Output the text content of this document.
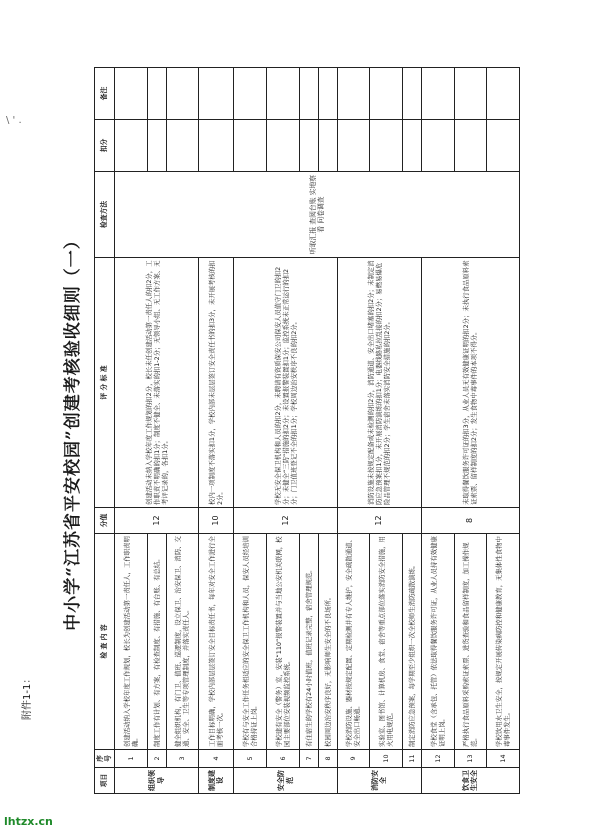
\ ' .
附件1-1：
项目	序号	检 查 内 容	分值	评 分 标 准	检查方法	扣分	备注
组织领导	1	创建活动纳入学校年度工作规划，校长为创建活动第一责任人，工作职责明确。	12	创建活动未纳入学校年度工作规划的扣2分，校长未任创建活动第一责任人的扣2分，工作职责不明确的扣1分；制度不健全、未落实的扣1-2分；无领导小组、无工作方案、无考评记录的，各扣1分。	听取汇报 查阅台账 实地察看 问卷调查		
	2	制度工作有计划、有方案，有检查制度、有措施、有台账、有总结。					
	3	健全组织机构，有门卫、值班、巡逻制度，设立保卫、治安保卫、消防、交通、安全、卫生等专项管理制度，并落实责任人。					
制度建设	4	工作目标明确，学校内部层层签订安全目标责任书，每年对安全工作进行全面考核一次。	10	校内一项制度不落实扣1分，学校内部未层层签订安全责任书的扣3分，未开展考核的扣2分。			
安全防范	5	学校有与安全工作任务相适应的安全保卫工作机构和人员，保安人员经培训合格持证上岗。	12	学校无安全保卫机构和人员的扣2分，未聘请有资质保安公司保安人员值守门卫的扣2分；未健全“三防”措施的扣2分；未设置报警装置扣1分；监控系统未正常运行的扣2分；门卫值班登记不全的扣1分；学校周边治安秩序不良的扣2分。			
	6	学校建有安全（警务）室，安装“110”报警装置并与当地公安机关联网，校园主要部位安装视频监控系统。					
	7	有住宿生的学校有24小时值班，值班记录完整，宿舍管理规范。					
	8	校园周边治安秩序良好，无影响师生安全的不良场所。					
消防安全	9	学校消防设施、器材按规定配置、定期检测并有专人维护，安全疏散通道、安全出口畅通。	12	消防设施未按规定配备或未检测的扣2分，消防通道、安全出口堵塞的扣2分；未制定消防应急预案扣1分，未开展消防演练的扣1分；电器线路私拉乱接的扣2分；易燃易爆危险品管理不规范的扣2分；学生宿舍未落实消防安全措施的扣2分。			
	10	实验室、图书馆、计算机房、食堂、宿舍等重点部位落实消防安全措施，用火用电规范。					
	11	制定消防应急预案，每学期至少组织一次全校师生消防疏散演练。					
饮食卫生安全	12	学校食堂（含承包、托管）依法取得餐饮服务许可证，从业人员持有效健康证明上岗。	8	未取得餐饮服务许可证的扣3分，从业人员无有效健康证明的扣2分；未执行食品原料索证索票、留样制度的扣2分；发生食物中毒事件的本项不得分。			
	13	严格执行食品原料采购索证索票、进货查验和食品留样制度，加工操作规范。					
	14	学校饮用水卫生安全，按规定开展传染病防控和健康教育，无集体性食物中毒事件发生。					
中小学“江苏省平安校园”创建考核验收细则（一）
lhtzx.cn
